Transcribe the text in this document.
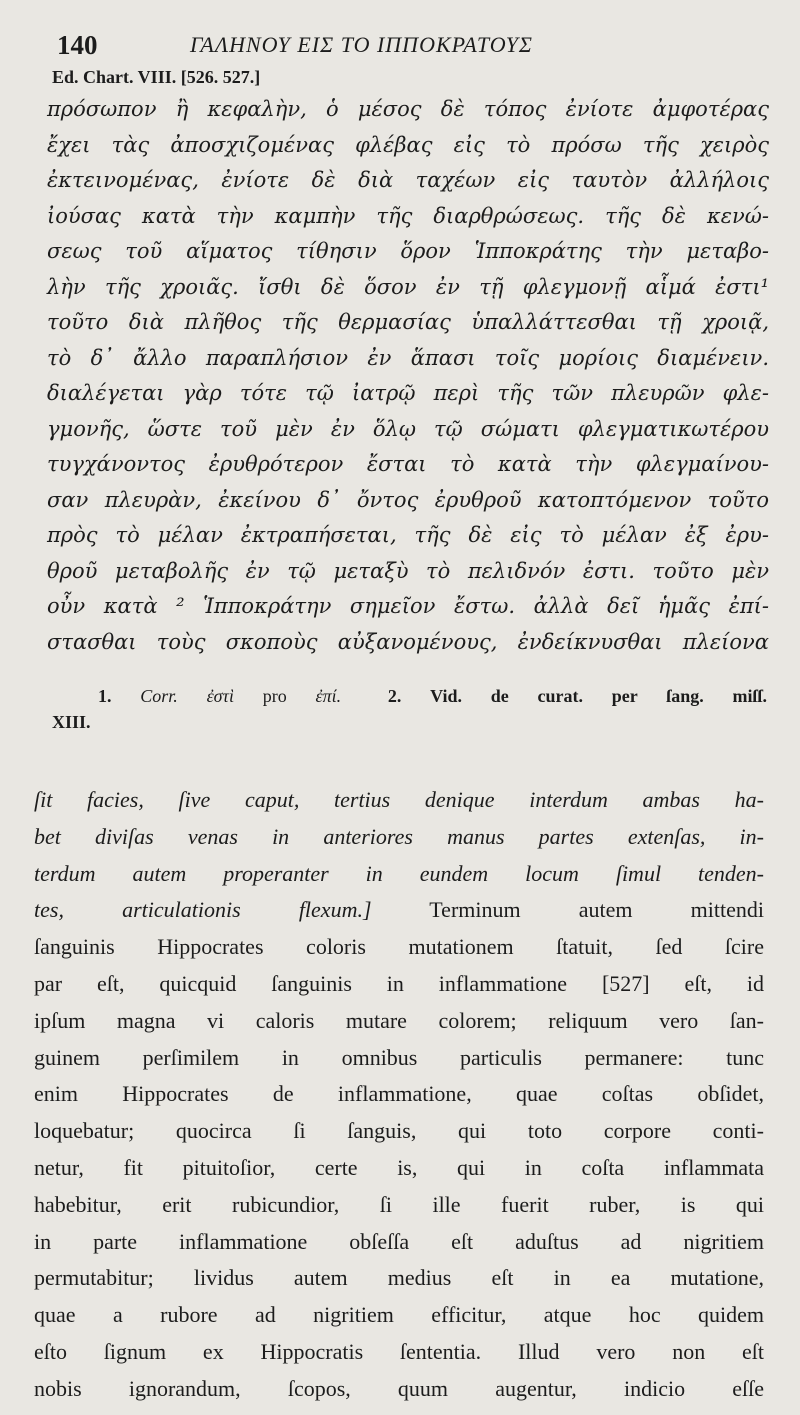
140	ΓΑΛΗΝΟΥ ΕΙΣ ΤΟ ΙΠΠΟΚΡΑΤΟΥΣ
Ed. Chart. VIII. [526. 527.]
πρόσωπον ἢ κεφαλὴν, ὁ μέσος δὲ τόπος ἐνίοτε ἀμφοτέρας
ἔχει τὰς ἀποσχιζομένας φλέβας εἰς τὸ πρόσω τῆς χειρὸς
ἐκτεινομένας, ἐνίοτε δὲ διὰ ταχέων εἰς ταυτὸν ἀλλήλοις
ἰούσας κατὰ τὴν καμπὴν τῆς διαρθρώσεως. τῆς δὲ κενώ-
σεως τοῦ αἵματος τίθησιν ὅρον Ἱπποκράτης τὴν μεταβο-
λὴν τῆς χροιᾶς. ἴσθι δὲ ὅσον ἐν τῇ φλεγμονῇ αἷμά ἐστι¹
τοῦτο διὰ πλῆθος τῆς θερμασίας ὑπαλλάττεσθαι τῇ χροιᾷ,
τὸ δ᾽ ἄλλο παραπλήσιον ἐν ἅπασι τοῖς μορίοις διαμένειν.
διαλέγεται γὰρ τότε τῷ ἰατρῷ περὶ τῆς τῶν πλευρῶν φλε-
γμονῆς, ὥστε τοῦ μὲν ἐν ὅλῳ τῷ σώματι φλεγματικωτέρου
τυγχάνοντος ἐρυθρότερον ἔσται τὸ κατὰ τὴν φλεγμαίνου-
σαν πλευρὰν, ἐκείνου δ᾽ ὄντος ἐρυθροῦ κατοπτόμενον τοῦτο
πρὸς τὸ μέλαν ἐκτραπήσεται, τῆς δὲ εἰς τὸ μέλαν ἐξ ἐρυ-
θροῦ μεταβολῆς ἐν τῷ μεταξὺ τὸ πελιδνόν ἐστι. τοῦτο μὲν
οὖν κατὰ ² Ἱπποκράτην σημεῖον ἔστω. ἀλλὰ δεῖ ἡμᾶς ἐπί-
στασθαι τοὺς σκοποὺς αὐξανομένους, ἐνδείκνυσθαι πλείονα
1. Corr. ἐστὶ pro ἐπί.	2. Vid. de curat. per ſang. miſſ.
XIII.
ſit facies, ſive caput, tertius denique interdum ambas ha-
bet diviſas venas in anteriores manus partes extenſas, in-
terdum autem properanter in eundem locum ſimul tenden-
tes, articulationis flexum.] Terminum autem mittendi
ſanguinis Hippocrates coloris mutationem ſtatuit, ſed ſcire
par eſt, quicquid ſanguinis in inflammatione [527] eſt, id
ipſum magna vi caloris mutare colorem; reliquum vero ſan-
guinem perſimilem in omnibus particulis permanere: tunc
enim Hippocrates de inflammatione, quae coſtas obſidet,
loquebatur; quocirca ſi ſanguis, qui toto corpore conti-
netur, fit pituitoſior, certe is, qui in coſta inflammata
habebitur, erit rubicundior, ſi ille fuerit ruber, is qui
in parte inflammatione obſeſſa eſt aduſtus ad nigritiem
permutabitur; lividus autem medius eſt in ea mutatione,
quae a rubore ad nigritiem efficitur, atque hoc quidem
eſto ſignum ex Hippocratis ſententia. Illud vero non eſt
nobis ignorandum, ſcopos, quum augentur, indicio eſſe
